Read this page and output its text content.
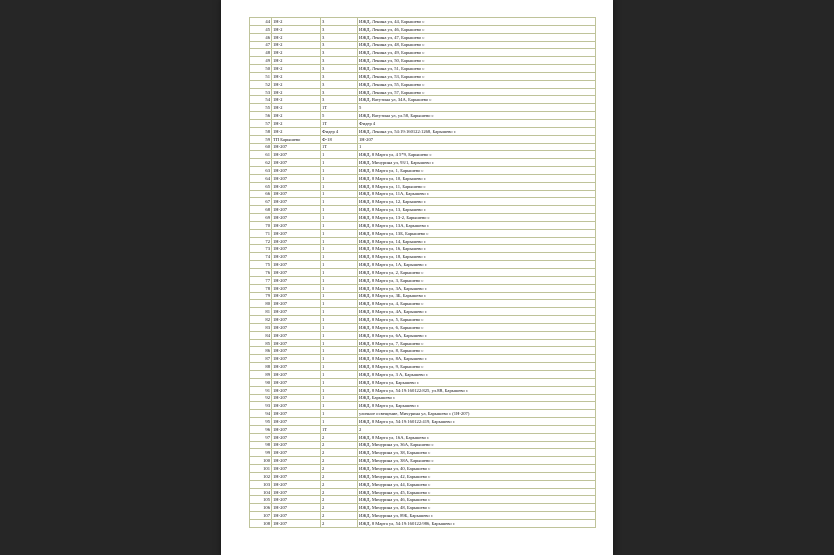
44	1Н-2	3	ИЖД, Ленина ул, 44, Барышево с
45	1Н-2	3	ИЖД, Ленина ул, 46, Барышево с
46	1Н-2	3	ИЖД, Ленина ул, 47, Барышево с
47	1Н-2	3	ИЖД, Ленина ул, 48, Барышево с
48	1Н-2	3	ИЖД, Ленина ул, 49, Барышево с
49	1Н-2	3	ИЖД, Ленина ул, 50, Барышево с
50	1Н-2	3	ИЖД, Ленина ул, 51, Барышево с
51	1Н-2	3	ИЖД, Ленина ул, 53, Барышево с
52	1Н-2	3	ИЖД, Ленина ул, 55, Барышево с
53	1Н-2	3	ИЖД, Ленина ул, 57, Барышево с
54	1Н-2	3	ИЖД, Ватутина ул, 34А, Барышево с
55	1Н-2	1Т	5
56	1Н-2	5	ИЖД, Ватутина ул, ул.58, Барышево с
57	1Н-2	1Т	Фидер 4
58	1Н-2	Фидер 4	ИЖД, Ленина ул, 54:19:160122:1268, Барышево с
59	ТП Барышево	Ф-18	1Н-207
60	1Н-207	1Т	1
61	1Н-207	1	ИЖД, 8 Марта ул, 4 5*9, Барышево с
62	1Н-207	1	ИЖД, Мичурина ул, 93/1, Барышево с
63	1Н-207	1	ИЖД, 8 Марта ул, 1, Барышево с
64	1Н-207	1	ИЖД, 8 Марта ул, 10, Барышево с
65	1Н-207	1	ИЖД, 8 Марта ул, 11, Барышево с
66	1Н-207	1	ИЖД, 8 Марта ул, 11А, Барышево с
67	1Н-207	1	ИЖД, 8 Марта ул, 12, Барышево с
68	1Н-207	1	ИЖД, 8 Марта ул, 13, Барышево с
69	1Н-207	1	ИЖД, 8 Марта ул, 13-2, Барышево с
70	1Н-207	1	ИЖД, 8 Марта ул, 13А, Барышево с
71	1Н-207	1	ИЖД, 8 Марта ул, 13Б, Барышево с
72	1Н-207	1	ИЖД, 8 Марта ул, 14, Барышево с
73	1Н-207	1	ИЖД, 8 Марта ул, 16, Барышево с
74	1Н-207	1	ИЖД, 8 Марта ул, 18, Барышево с
75	1Н-207	1	ИЖД, 8 Марта ул, 1А, Барышево с
76	1Н-207	1	ИЖД, 8 Марта ул, 2, Барышево с
77	1Н-207	1	ИЖД, 8 Марта ул, 3, Барышево с
78	1Н-207	1	ИЖД, 8 Марта ул, 3А, Барышево с
79	1Н-207	1	ИЖД, 8 Марта ул, 3Б, Барышево с
80	1Н-207	1	ИЖД, 8 Марта ул, 4, Барышево с
81	1Н-207	1	ИЖД, 8 Марта ул, 4А, Барышево с
82	1Н-207	1	ИЖД, 8 Марта ул, 5, Барышево с
83	1Н-207	1	ИЖД, 8 Марта ул, 6, Барышево с
84	1Н-207	1	ИЖД, 8 Марта ул, 6А, Барышево с
85	1Н-207	1	ИЖД, 8 Марта ул, 7, Барышево с
86	1Н-207	1	ИЖД, 8 Марта ул, 8, Барышево с
87	1Н-207	1	ИЖД, 8 Марта ул, 8А, Барышево с
88	1Н-207	1	ИЖД, 8 Марта ул, 9, Барышево с
89	1Н-207	1	ИЖД, 8 Марта ул, 3 А, Барышево с
90	1Н-207	1	ИЖД, 8 Марта ул, Барышево с
91	1Н-207	1	ИЖД, 8 Марта ул, 54:19:160122:825, ул.8В, Барышево с
92	1Н-207	1	ИЖД, Барышево с
93	1Н-207	1	ИЖД, 8 Марта ул, Барышево с
94	1Н-207	1	уличное освещение, Мичурина ул, Барышево с (1Н-207)
95	1Н-207	1	ИЖД, 8 Марта ул, 54:19:160122:419, Барышево с
96	1Н-207	1Т	2
97	1Н-207	2	ИЖД, 8 Марта ул, 16А, Барышево с
98	1Н-207	2	ИЖД, Мичурина ул, 36А, Барышево с
99	1Н-207	2	ИЖД, Мичурина ул, 38, Барышево с
100	1Н-207	2	ИЖД, Мичурина ул, 38А, Барышево с
101	1Н-207	2	ИЖД, Мичурина ул, 40, Барышево с
102	1Н-207	2	ИЖД, Мичурина ул, 42, Барышево с
103	1Н-207	2	ИЖД, Мичурина ул, 44, Барышево с
104	1Н-207	2	ИЖД, Мичурина ул, 45, Барышево с
105	1Н-207	2	ИЖД, Мичурина ул, 46, Барышево с
106	1Н-207	2	ИЖД, Мичурина ул, 48, Барышево с
107	1Н-207	2	ИЖД, Мичурина ул, 89Б, Барышево с
108	1Н-207	2	ИЖД, 8 Марта ул, 54:19:160122:986, Барышево с
